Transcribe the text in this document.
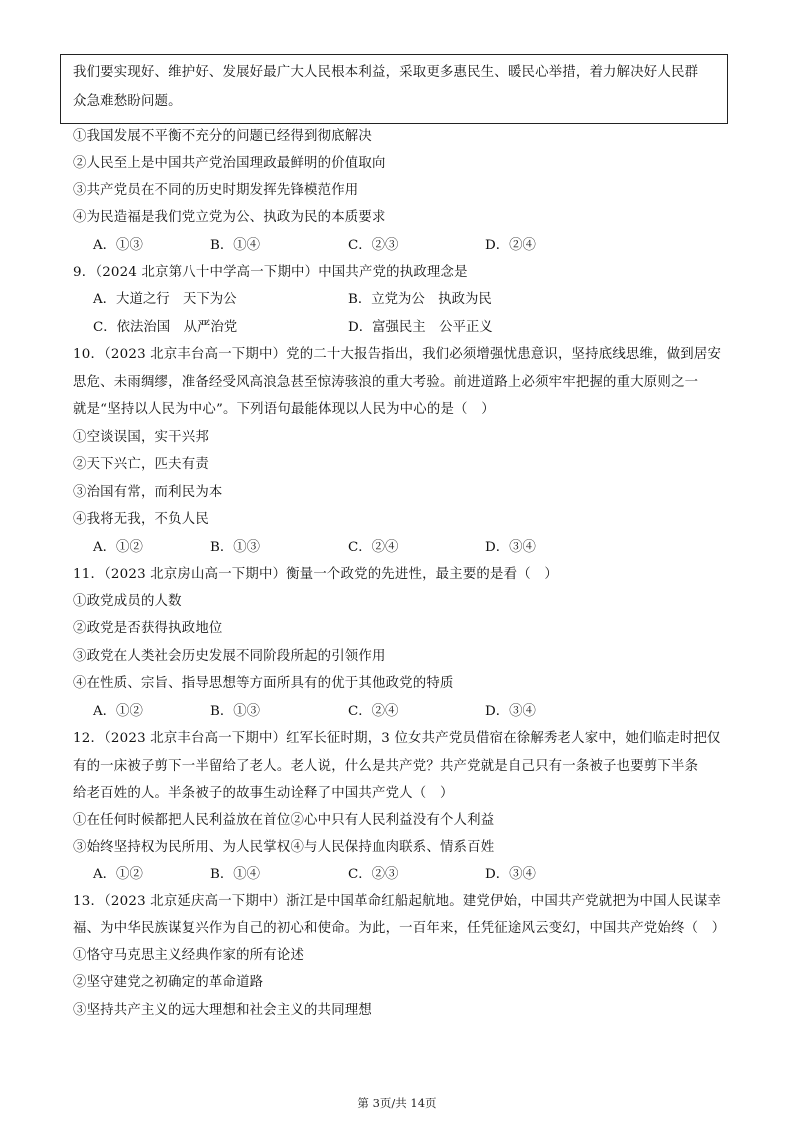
我们要实现好、维护好、发展好最广大人民根本利益，采取更多惠民生、暖民心举措，着力解决好人民群
众急难愁盼问题。
①我国发展不平衡不充分的问题已经得到彻底解决
②人民至上是中国共产党治国理政最鲜明的价值取向
③共产党员在不同的历史时期发挥先锋模范作用
④为民造福是我们党立党为公、执政为民的本质要求
A．①③	B．①④	C．②③	D．②④
9．（2024 北京第八十中学高一下期中）中国共产党的执政理念是
A．大道之行　天下为公	B．立党为公　执政为民
C．依法治国　从严治党	D．富强民主　公平正义
10．（2023 北京丰台高一下期中）党的二十大报告指出，我们必须增强忧患意识，坚持底线思维，做到居安
思危、未雨绸缪，准备经受风高浪急甚至惊涛骇浪的重大考验。前进道路上必须牢牢把握的重大原则之一
就是“坚持以人民为中心”。下列语句最能体现以人民为中心的是（　）
①空谈误国，实干兴邦
②天下兴亡，匹夫有责
③治国有常，而利民为本
④我将无我，不负人民
A．①②	B．①③	C．②④	D．③④
11．（2023 北京房山高一下期中）衡量一个政党的先进性，最主要的是看（　）
①政党成员的人数
②政党是否获得执政地位
③政党在人类社会历史发展不同阶段所起的引领作用
④在性质、宗旨、指导思想等方面所具有的优于其他政党的特质
A．①②	B．①③	C．②④	D．③④
12．（2023 北京丰台高一下期中）红军长征时期，3 位女共产党员借宿在徐解秀老人家中，她们临走时把仅
有的一床被子剪下一半留给了老人。老人说，什么是共产党？共产党就是自己只有一条被子也要剪下半条
给老百姓的人。半条被子的故事生动诠释了中国共产党人（　）
①在任何时候都把人民利益放在首位②心中只有人民利益没有个人利益
③始终坚持权为民所用、为人民掌权④与人民保持血肉联系、情系百姓
A．①②	B．①④	C．②③	D．③④
13．（2023 北京延庆高一下期中）浙江是中国革命红船起航地。建党伊始，中国共产党就把为中国人民谋幸
福、为中华民族谋复兴作为自己的初心和使命。为此，一百年来，任凭征途风云变幻，中国共产党始终（　）
①恪守马克思主义经典作家的所有论述
②坚守建党之初确定的革命道路
③坚持共产主义的远大理想和社会主义的共同理想
第 3页/共 14页
